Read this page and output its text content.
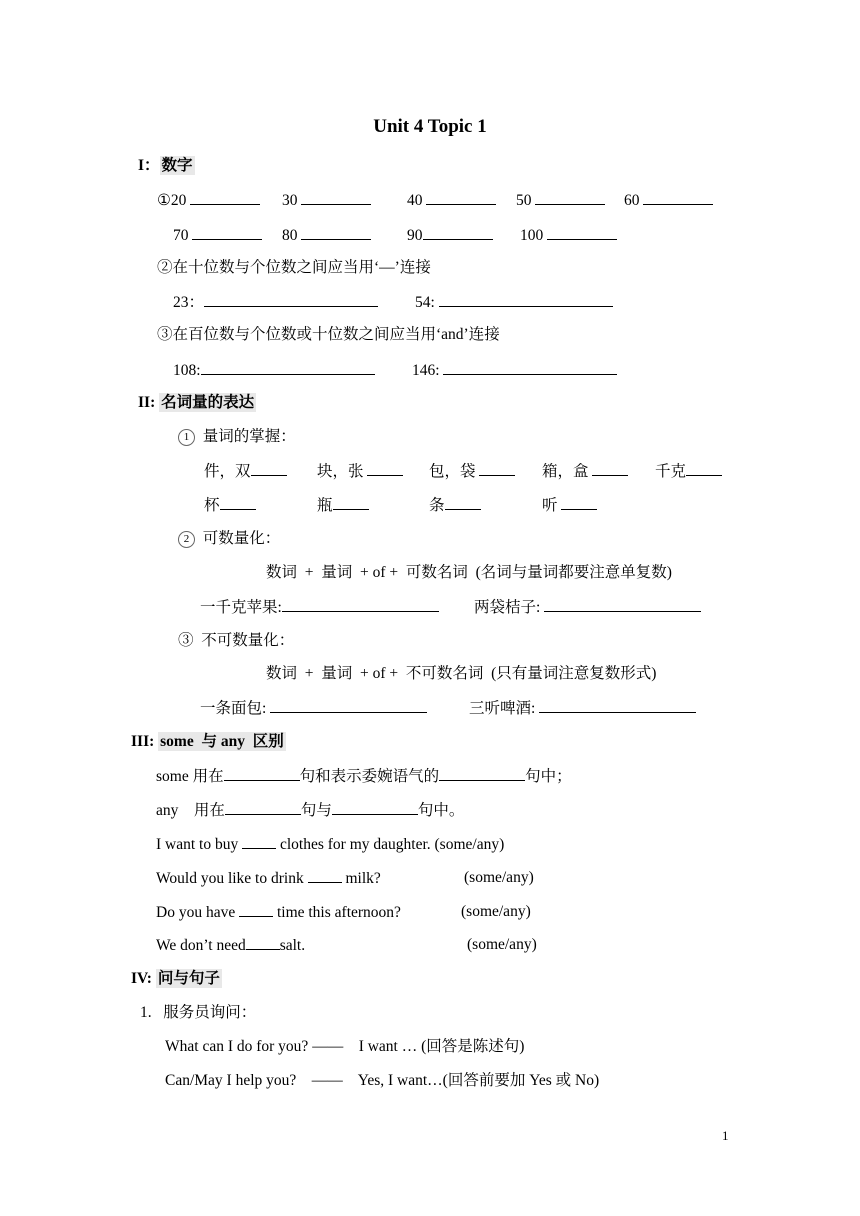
Unit 4 Topic 1
I： 数字
①20	30	40	50	60
70	80	90	100
②在十位数与个位数之间应当用‘—’连接
23：	54:
③在百位数与个位数或十位数之间应当用‘and’连接
108:	146:
II: 名词量的表达
1 量词的掌握：
件，双	块，张	包，袋	箱，盒	千克
杯	瓶	条	听
2 可数量化：
数词  +  量词  + of +  可数名词  (名词与量词都要注意单复数)
一千克苹果:	两袋桔子:
③  不可数量化：
数词  +  量词  + of +  不可数名词  (只有量词注意复数形式)
一条面包:	三听啤酒:
III: some  与 any  区别
some 用在	句和表示委婉语气的	句中；
any    用在	句与	句中。
I want to buy	clothes for my daughter. (some/any)
Would you like to drink	milk?	(some/any)
Do you have	time this afternoon?	(some/any)
We don’t need salt.	(some/any)
IV: 问与句子
1.   服务员询问：
What can I do for you? ——    I want … (回答是陈述句)
Can/May I help you?    ——    Yes, I want…(回答前要加 Yes 或 No)
1
